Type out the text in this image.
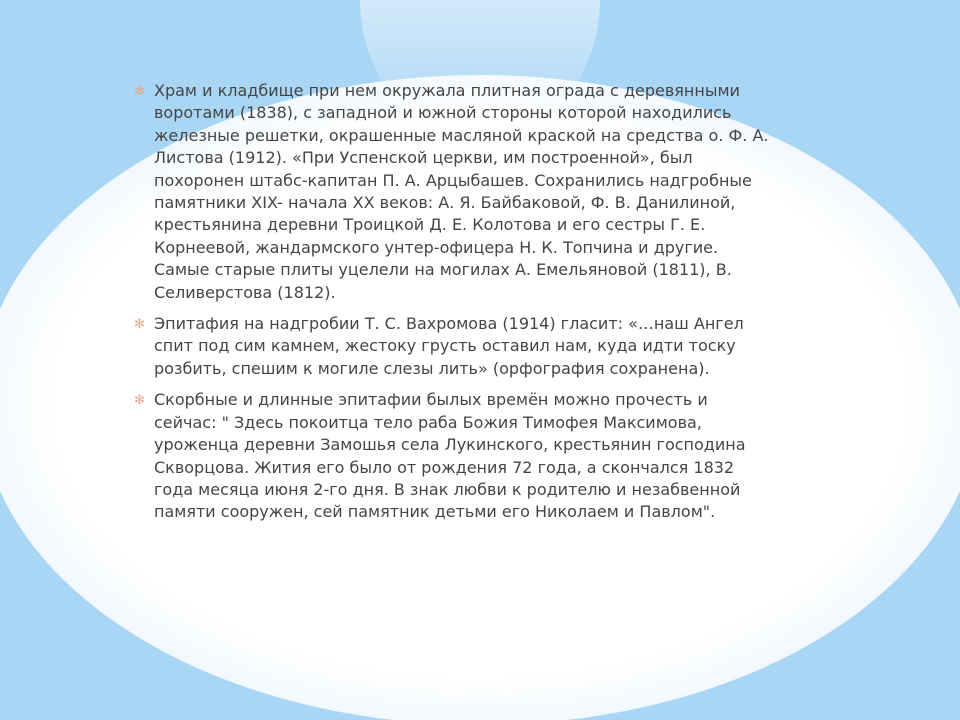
✻ Храм и кладбище при нем окружала плитная ограда с деревянными воротами (1838), с западной и южной стороны которой находились железные решетки, окрашенные масляной краской на средства о. Ф. А. Листова (1912). «При Успенской церкви, им построенной», был похоронен штабс-капитан П. А. Арцыбашев. Сохранились надгробные памятники XIX- начала XX веков: А. Я. Байбаковой, Ф. В. Данилиной, крестьянина деревни Троицкой Д. Е. Колотова и его сестры Г. Е. Корнеевой, жандармского унтер-офицера Н. К. Топчина и другие. Самые старые плиты уцелели на могилах А. Емельяновой (1811), В. Селиверстова (1812).
✻ Эпитафия на надгробии Т. С. Вахромова (1914) гласит: «…наш Ангел спит под сим камнем, жестоку грусть оставил нам, куда идти тоску розбить, спешим к могиле слезы лить» (орфография сохранена).
✻ Скорбные и длинные эпитафии былых времён можно прочесть и сейчас: " Здесь покоитца тело раба Божия Тимофея Максимова, уроженца деревни Замошья села Лукинского, крестьянин господина Скворцова. Жития его было от рождения 72 года, а скончался 1832 года месяца июня 2-го дня. В знак любви к родителю и незабвенной памяти сооружен, сей памятник детьми его Николаем и Павлом".
